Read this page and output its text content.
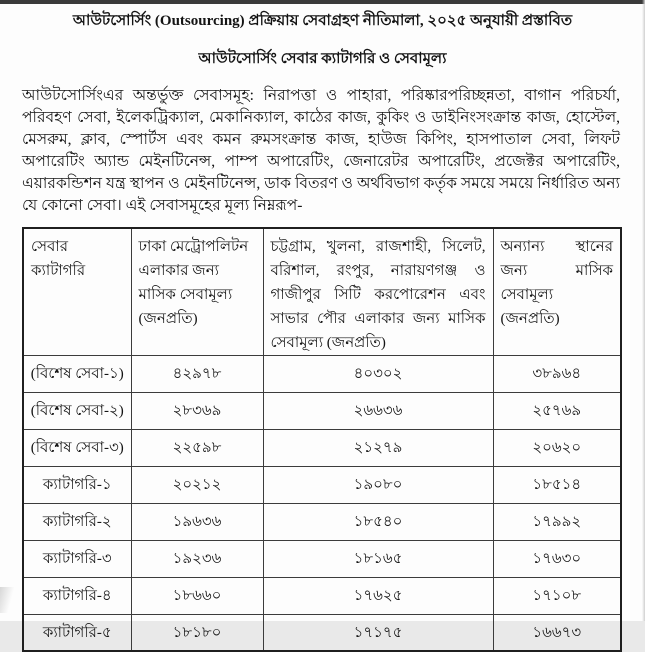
আউটসোর্সিং (Outsourcing) প্রক্রিয়ায় সেবাগ্রহণ নীতিমালা, ২০২৫ অনুযায়ী প্রস্তাবিত
আউটসোর্সিং সেবার ক্যাটাগরি ও সেবামূল্য

আউটসোর্সিংএর অন্তর্ভুক্ত সেবাসমূহ: নিরাপত্তা ও পাহারা, পরিষ্কারপরিচ্ছন্নতা, বাগান পরিচর্যা, পরিবহণ সেবা, ইলেকট্রিক্যাল, মেকানিক্যাল, কাঠের কাজ, কুকিং ও ডাইনিংসংক্রান্ত কাজ, হোস্টেল, মেসরুম, ক্লাব, স্পোর্টস এবং কমন রুমসংক্রান্ত কাজ, হাউজ কিপিং, হাসপাতাল সেবা, লিফট অপারেটিং অ্যান্ড মেইনটিনেন্স, পাম্প অপারেটিং, জেনারেটর অপারেটিং, প্রজেক্টর অপারেটিং, এয়ারকন্ডিশন যন্ত্র স্থাপন ও মেইনটিনেন্স, ডাক বিতরণ ও অর্থবিভাগ কর্তৃক সময়ে সময়ে নির্ধারিত অন্য যে কোনো সেবা। এই সেবাসমূহের মূল্য নিম্নরূপ-

সেবার ক্যাটাগরি	ঢাকা মেট্রোপলিটন এলাকার জন্য মাসিক সেবামূল্য (জনপ্রতি)	চট্টগ্রাম, খুলনা, রাজশাহী, সিলেট, বরিশাল, রংপুর, নারায়ণগঞ্জ ও গাজীপুর সিটি করপোরেশন এবং সাভার পৌর এলাকার জন্য মাসিক সেবামূল্য (জনপ্রতি)	অন্যান্য স্থানের জন্য মাসিক সেবামূল্য (জনপ্রতি)
(বিশেষ সেবা-১)	৪২৯৭৮	৪০৩০২	৩৮৯৬৪
(বিশেষ সেবা-২)	২৮৩৬৯	২৬৬৩৬	২৫৭৬৯
(বিশেষ সেবা-৩)	২২৫৯৮	২১২৭৯	২০৬২০
ক্যাটাগরি-১	২০২১২	১৯০৮০	১৮৫১৪
ক্যাটাগরি-২	১৯৬৩৬	১৮৫৪০	১৭৯৯২
ক্যাটাগরি-৩	১৯২৩৬	১৮১৬৫	১৭৬৩০
ক্যাটাগরি-৪	১৮৬৬০	১৭৬২৫	১৭১০৮
ক্যাটাগরি-৫	১৮১৮০	১৭১৭৫	১৬৬৭৩
